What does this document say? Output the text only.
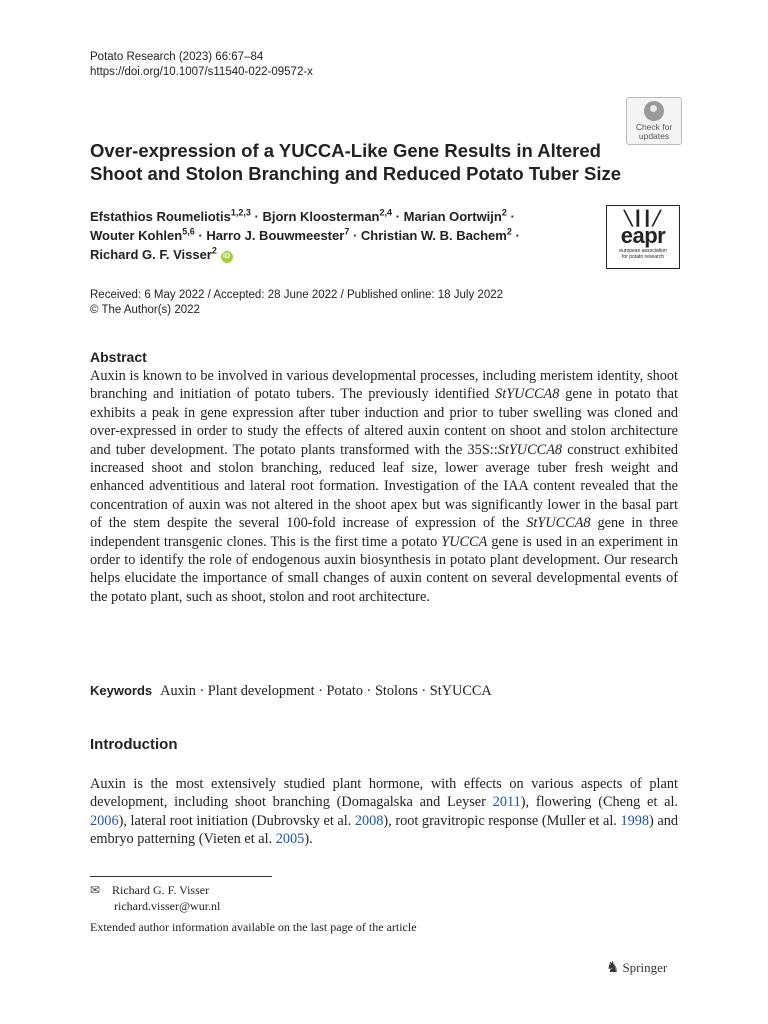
Potato Research (2023) 66:67–84
https://doi.org/10.1007/s11540-022-09572-x
Check for
updates
Over-expression of a YUCCA-Like Gene Results in Altered Shoot and Stolon Branching and Reduced Potato Tuber Size
Efstathios Roumeliotis$^{1,2,3}$ · Bjorn Kloosterman$^{2,4}$ · Marian Oortwijn$^2$ ·
Wouter Kohlen$^{5,6}$ · Harro J. Bouwmeester$^7$ · Christian W. B. Bachem$^2$ ·
Richard G. F. Visser$^2$ iD
╲┃┃╱
eapr
european association
for potato research
Received: 6 May 2022 / Accepted: 28 June 2022 / Published online: 18 July 2022
© The Author(s) 2022
Abstract
Auxin is known to be involved in various developmental processes, including meristem identity, shoot branching and initiation of potato tubers. The previously identified StYUCCA8 gene in potato that exhibits a peak in gene expression after tuber induction and prior to tuber swelling was cloned and over-expressed in order to study the effects of altered auxin content on shoot and stolon architecture and tuber development. The potato plants transformed with the 35S::StYUCCA8 construct exhibited increased shoot and stolon branching, reduced leaf size, lower average tuber fresh weight and enhanced adventitious and lateral root formation. Investigation of the IAA content revealed that the concentration of auxin was not altered in the shoot apex but was significantly lower in the basal part of the stem despite the several 100-fold increase of expression of the StYUCCA8 gene in three independent transgenic clones. This is the first time a potato YUCCA gene is used in an experiment in order to identify the role of endogenous auxin biosynthesis in potato plant development. Our research helps elucidate the importance of small changes of auxin content on several developmental events of the potato plant, such as shoot, stolon and root architecture.
Keywords Auxin · Plant development · Potato · Stolons · StYUCCA
Introduction
Auxin is the most extensively studied plant hormone, with effects on various aspects of plant development, including shoot branching (Domagalska and Leyser 2011), flowering (Cheng et al. 2006), lateral root initiation (Dubrovsky et al. 2008), root gravitropic response (Muller et al. 1998) and embryo patterning (Vieten et al. 2005).
✉ Richard G. F. Visser
richard.visser@wur.nl
Extended author information available on the last page of the article
♞ Springer
